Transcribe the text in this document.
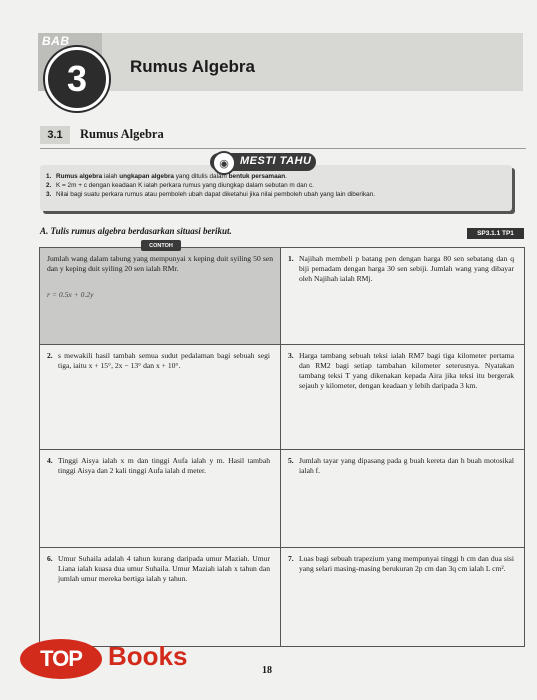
BAB
3	Rumus Algebra
3.1	Rumus Algebra
◉	MESTI TAHU
1. Rumus algebra ialah ungkapan algebra yang ditulis dalam bentuk persamaan.
2. K = 2m + c dengan keadaan K ialah perkara rumus yang diungkap dalam sebutan m dan c.
3. Nilai bagi suatu perkara rumus atau pemboleh ubah dapat diketahui jika nilai pemboleh ubah yang lain diberikan.
A. Tulis rumus algebra berdasarkan situasi berikut.	SP3.1.1 TP1
CONTOH
Jumlah wang dalam tabung yang mempunyai x keping duit syiling 50 sen dan y keping duit syiling 20 sen ialah RMr.
r = 0.5x + 0.2y
1. Najihah membeli p batang pen dengan harga 80 sen sebatang dan q biji pemadam dengan harga 30 sen sebiji. Jumlah wang yang dibayar oleh Najihah ialah RMj.
2. s mewakili hasil tambah semua sudut pedalaman bagi sebuah segi tiga, iaitu x + 15°, 2x − 13° dan x + 10°.
3. Harga tambang sebuah teksi ialah RM7 bagi tiga kilometer pertama dan RM2 bagi setiap tambahan kilometer seterusnya. Nyatakan tambang teksi T yang dikenakan kepada Aira jika teksi itu bergerak sejauh y kilometer, dengan keadaan y lebih daripada 3 km.
4. Tinggi Aisya ialah x m dan tinggi Aufa ialah y m. Hasil tambah tinggi Aisya dan 2 kali tinggi Aufa ialah d meter.
5. Jumlah tayar yang dipasang pada g buah kereta dan h buah motosikal ialah f.
6. Umur Suhaila adalah 4 tahun kurang daripada umur Maziah. Umur Liana ialah kuasa dua umur Suhaila. Umur Maziah ialah x tahun dan jumlah umur mereka bertiga ialah y tahun.
7. Luas bagi sebuah trapezium yang mempunyai tinggi h cm dan dua sisi yang selari masing-masing berukuran 2p cm dan 3q cm ialah L cm².
18
TOP	Books
